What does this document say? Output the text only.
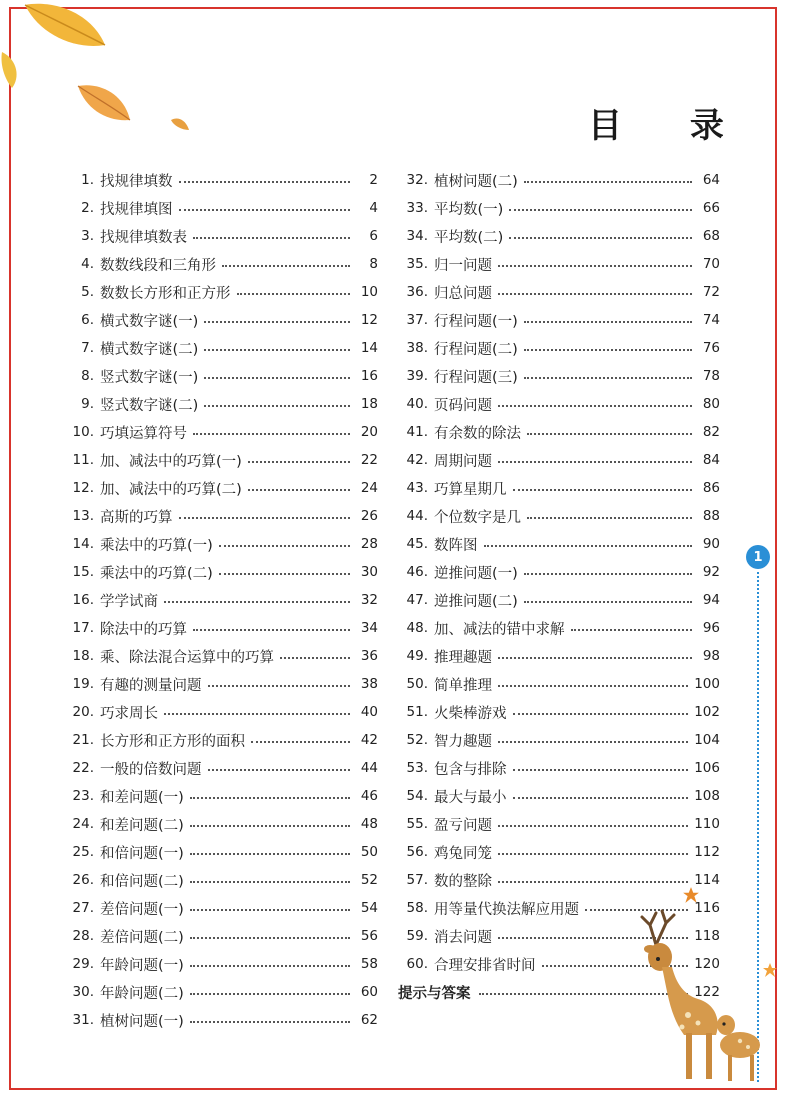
目 录
1. 找规律填数	2
2. 找规律填图	4
3. 找规律填数表	6
4. 数数线段和三角形	8
5. 数数长方形和正方形	10
6. 横式数字谜(一)	12
7. 横式数字谜(二)	14
8. 竖式数字谜(一)	16
9. 竖式数字谜(二)	18
10. 巧填运算符号	20
11. 加、减法中的巧算(一)	22
12. 加、减法中的巧算(二)	24
13. 高斯的巧算	26
14. 乘法中的巧算(一)	28
15. 乘法中的巧算(二)	30
16. 学学试商	32
17. 除法中的巧算	34
18. 乘、除法混合运算中的巧算	36
19. 有趣的测量问题	38
20. 巧求周长	40
21. 长方形和正方形的面积	42
22. 一般的倍数问题	44
23. 和差问题(一)	46
24. 和差问题(二)	48
25. 和倍问题(一)	50
26. 和倍问题(二)	52
27. 差倍问题(一)	54
28. 差倍问题(二)	56
29. 年龄问题(一)	58
30. 年龄问题(二)	60
31. 植树问题(一)	62
32. 植树问题(二)	64
33. 平均数(一)	66
34. 平均数(二)	68
35. 归一问题	70
36. 归总问题	72
37. 行程问题(一)	74
38. 行程问题(二)	76
39. 行程问题(三)	78
40. 页码问题	80
41. 有余数的除法	82
42. 周期问题	84
43. 巧算星期几	86
44. 个位数字是几	88
45. 数阵图	90
46. 逆推问题(一)	92
47. 逆推问题(二)	94
48. 加、减法的错中求解	96
49. 推理趣题	98
50. 简单推理	100
51. 火柴棒游戏	102
52. 智力趣题	104
53. 包含与排除	106
54. 最大与最小	108
55. 盈亏问题	110
56. 鸡兔同笼	112
57. 数的整除	114
58. 用等量代换法解应用题	116
59. 消去问题	118
60. 合理安排省时间	120
提示与答案	122
1
